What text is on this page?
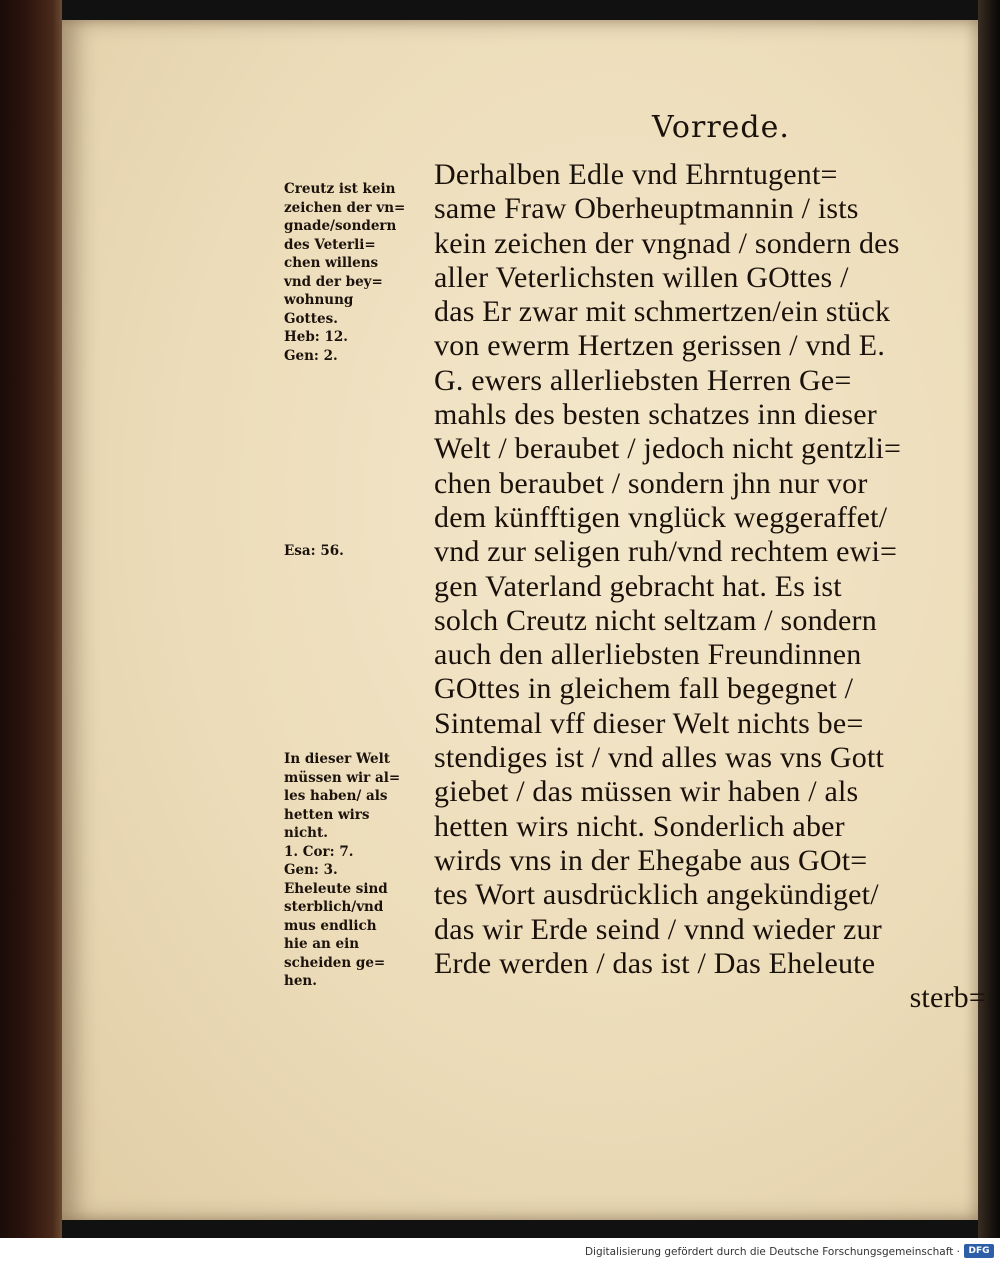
Vorrede.
Creutz ist kein
zeichen der vn=
gnade/sondern
des Veterli=
chen willens
vnd der bey=
wohnung
Gottes.
Heb: 12.
Gen: 2.
Esa: 56.
In dieser Welt
müssen wir al=
les haben/ als
hetten wirs
nicht.
1. Cor: 7.
Gen: 3.
Eheleute sind
sterblich/vnd
mus endlich
hie an ein
scheiden ge=
hen.
Derhalben Edle vnd Ehrntugent=
same Fraw Oberheuptmannin / ists
kein zeichen der vngnad / sondern des
aller Veterlichsten willen GOttes /
das Er zwar mit schmertzen/ein stück
von ewerm Hertzen gerissen / vnd E.
G. ewers allerliebsten Herren Ge=
mahls des besten schatzes inn dieser
Welt / beraubet / jedoch nicht gentzli=
chen beraubet / sondern jhn nur vor
dem künfftigen vnglück weggeraffet/
vnd zur seligen ruh/vnd rechtem ewi=
gen Vaterland gebracht hat. Es ist
solch Creutz nicht seltzam / sondern
auch den allerliebsten Freundinnen
GOttes in gleichem fall begegnet /
Sintemal vff dieser Welt nichts be=
stendiges ist / vnd alles was vns Gott
giebet / das müssen wir haben / als
hetten wirs nicht. Sonderlich aber
wirds vns in der Ehegabe aus GOt=
tes Wort ausdrücklich angekündiget/
das wir Erde seind / vnnd wieder zur
Erde werden / das ist / Das Eheleute
sterb=
Digitalisierung gefördert durch die Deutsche Forschungsgemeinschaft · DFG
